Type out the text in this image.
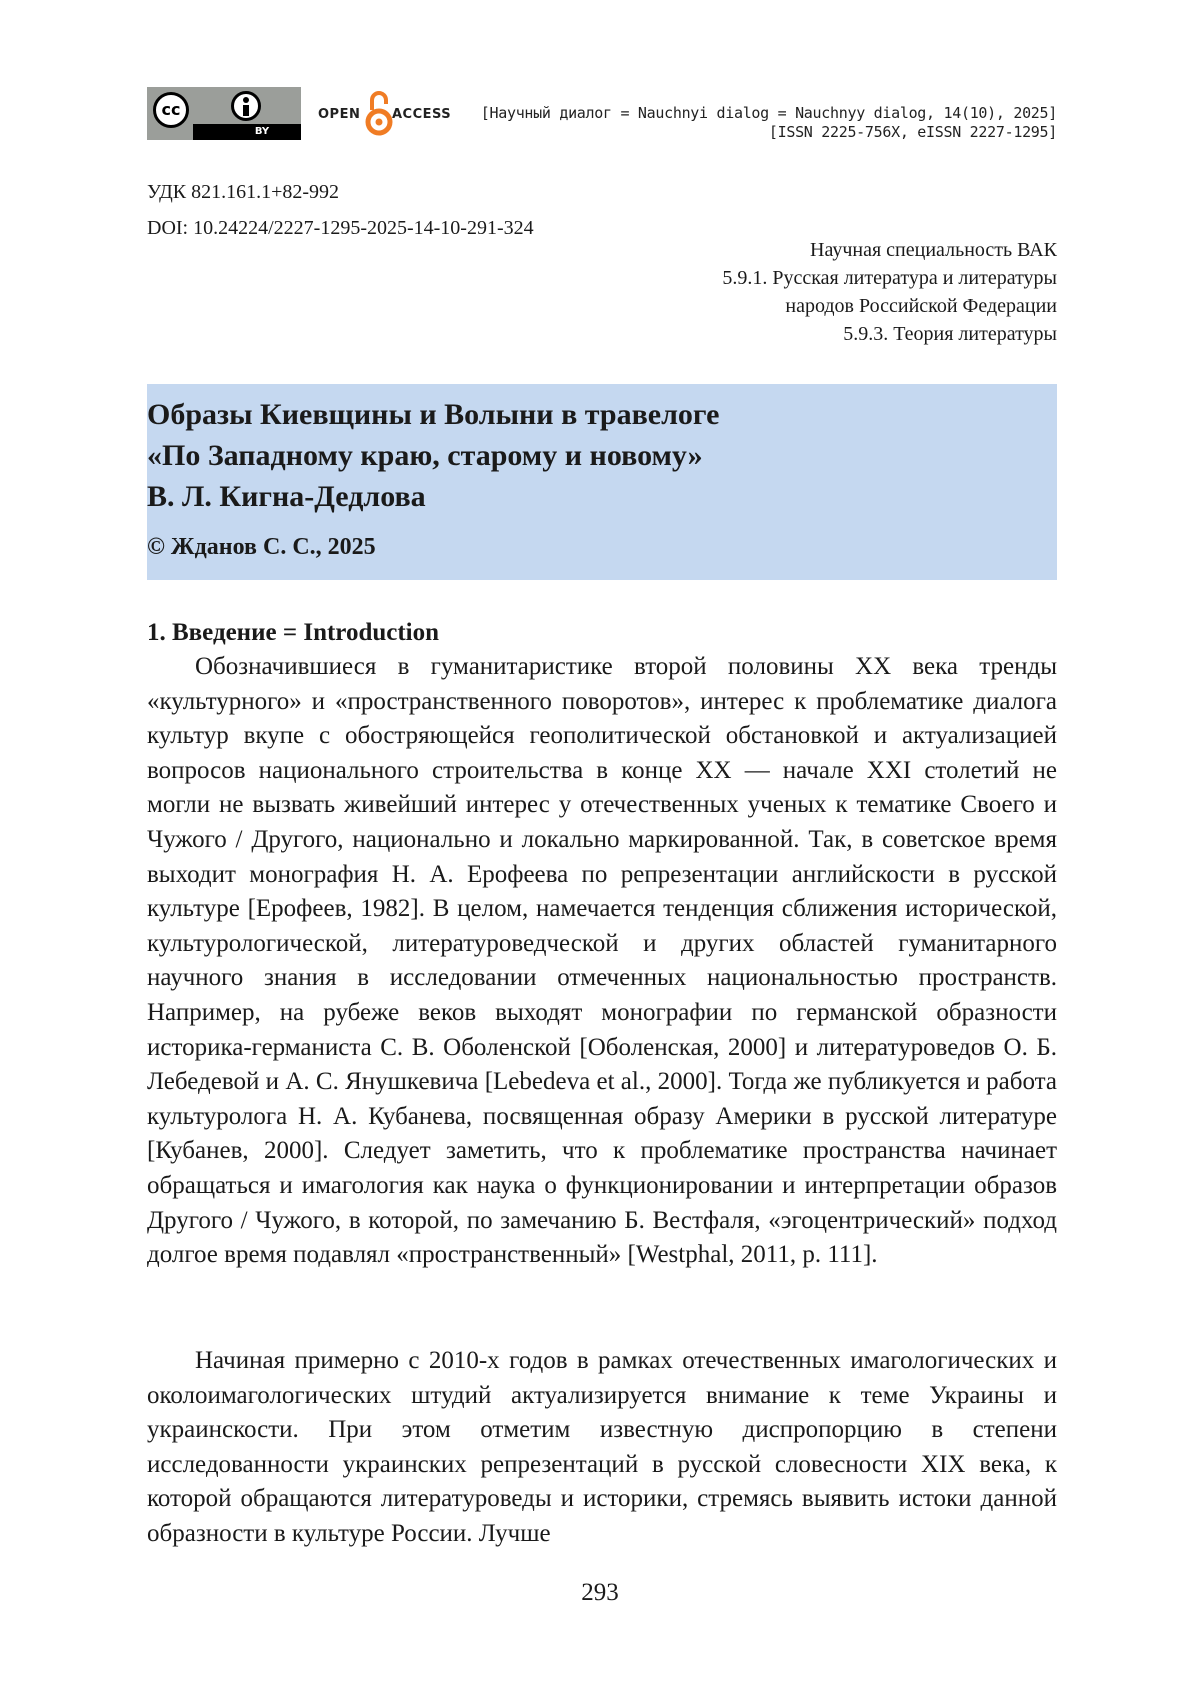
cc
BY
OPEN ACCESS [Научный диалог = Nauchnyi dialog = Nauchnyy dialog, 14(10), 2025]
[ISSN 2225-756X, eISSN 2227-1295]
УДК 821.161.1+82-992
DOI: 10.24224/2227-1295-2025-14-10-291-324
Научная специальность ВАК
5.9.1. Русская литература и литературы
народов Российской Федерации
5.9.3. Теория литературы
Образы Киевщины и Волыни в травелоге
«По Западному краю, старому и новому»
В. Л. Кигна-Дедлова
© Жданов С. С., 2025
1. Введение = Introduction

Обозначившиеся в гуманитаристике второй половины XX века тренды «культурного» и «пространственного поворотов», интерес к проблематике диалога культур вкупе с обостряющейся геополитической обстановкой и актуализацией вопросов национального строительства в конце XX — начале XXI столетий не могли не вызвать живейший интерес у отечественных ученых к тематике Своего и Чужого / Другого, национально и локально маркированной. Так, в советское время выходит монография Н. А. Ерофеева по репрезентации английскости в русской культуре [Ерофеев, 1982]. В целом, намечается тенденция сближения исторической, культурологической, литературоведческой и других областей гуманитарного научного знания в исследовании отмеченных национальностью пространств. Например, на рубеже веков выходят монографии по германской образности историка-германиста С. В. Оболенской [Оболенская, 2000] и литературоведов О. Б. Лебедевой и А. С. Янушкевича [Lebedeva et al., 2000]. Тогда же публикуется и работа культуролога Н. А. Кубанева, посвященная образу Америки в русской литературе [Кубанев, 2000]. Следует заметить, что к проблематике пространства начинает обращаться и имагология как наука о функционировании и интерпретации образов Другого / Чужого, в которой, по замечанию Б. Вестфаля, «эгоцентрический» подход долгое время подавлял «пространственный» [Westphal, 2011, p. 111].

Начиная примерно с 2010-х годов в рамках отечественных имагологических и околоимагологических штудий актуализируется внимание к теме Украины и украинскости. При этом отметим известную диспропорцию в степени исследованности украинских репрезентаций в русской словесности XIX века, к которой обращаются литературоведы и историки, стремясь выявить истоки данной образности в культуре России. Лучше

293
